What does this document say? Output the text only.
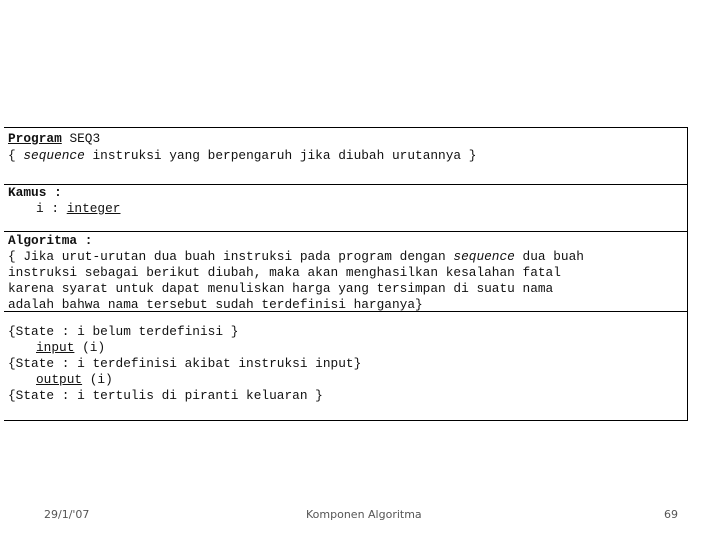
Program SEQ3
{ sequence instruksi yang berpengaruh jika diubah urutannya }
Kamus :
i : integer
Algoritma :
{ Jika urut-urutan dua buah instruksi pada program dengan sequence dua buah
instruksi sebagai berikut diubah, maka akan menghasilkan kesalahan fatal
karena syarat untuk dapat menuliskan harga yang tersimpan di suatu nama
adalah bahwa nama tersebut sudah terdefinisi harganya}
{State : i belum terdefinisi }
input (i)
{State : i terdefinisi akibat instruksi input}
output (i)
{State : i tertulis di piranti keluaran }
29/1/'07	Komponen Algoritma	69
